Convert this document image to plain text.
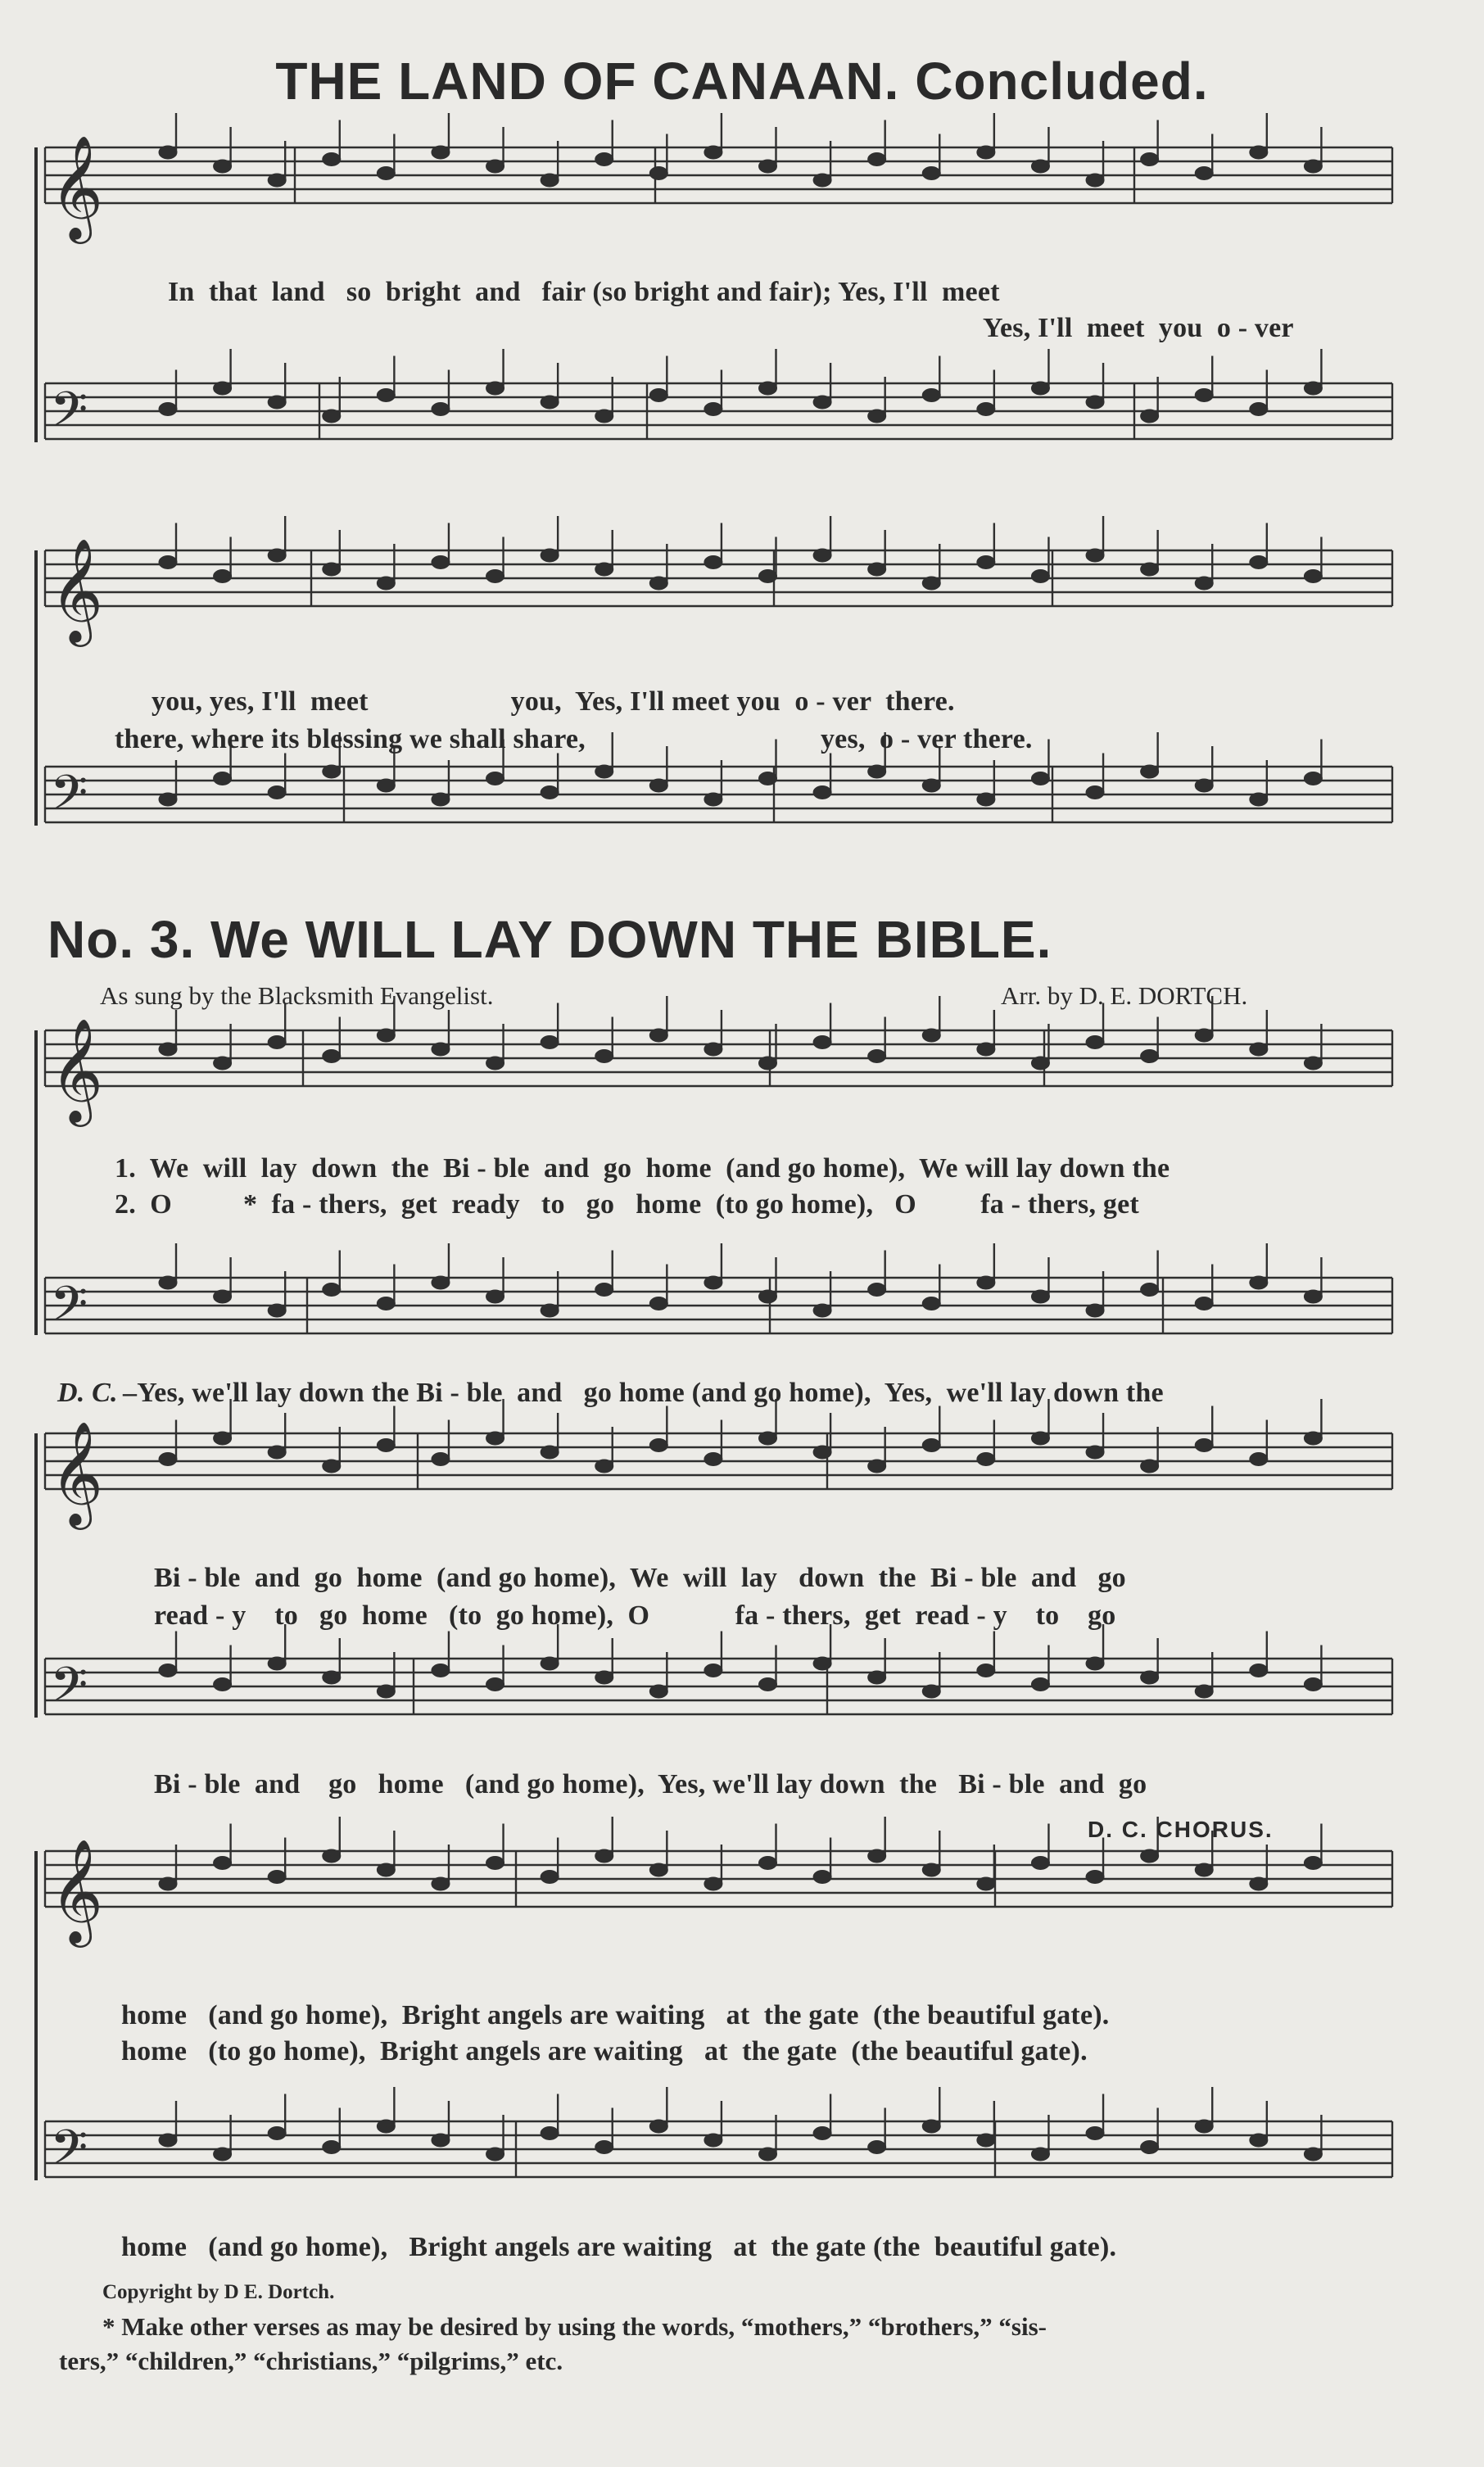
THE LAND OF CANAAN. Concluded.
𝄞
𝄢
𝄞
𝄢
𝄞
𝄢
𝄞
𝄢
𝄞
𝄢
In  that  land   so  bright  and   fair (so bright and fair); Yes, I'll  meet
Yes, I'll  meet  you  o - ver
you, yes, I'll  meet                    you,  Yes, I'll meet you  o - ver  there.
there, where its blessing we shall share,                                 yes,  o - ver there.
No. 3. We WILL LAY DOWN THE BIBLE.
As sung by the Blacksmith Evangelist.	Arr. by D. E. DORTCH.
1.  We  will  lay  down  the  Bi - ble  and  go  home  (and go home),  We will lay down the
2.  O          *  fa - thers,  get  ready   to   go   home  (to go home),   O         fa - thers, get
D. C. –Yes, we'll lay down the Bi - ble  and   go home (and go home),  Yes,  we'll lay down the
Bi - ble  and  go  home  (and go home),  We  will  lay   down  the  Bi - ble  and   go
read - y    to   go  home   (to  go home),  O            fa - thers,  get  read - y    to    go
Bi - ble  and    go   home   (and go home),  Yes, we'll lay down  the   Bi - ble  and  go
D. C. CHORUS.
home   (and go home),  Bright angels are waiting   at  the gate  (the beautiful gate).
home   (to go home),  Bright angels are waiting   at  the gate  (the beautiful gate).
home   (and go home),   Bright angels are waiting   at  the gate (the  beautiful gate).
Copyright by D E. Dortch.
* Make other verses as may be desired by using the words, “mothers,” “brothers,” “sis-
ters,” “children,” “christians,” “pilgrims,” etc.
